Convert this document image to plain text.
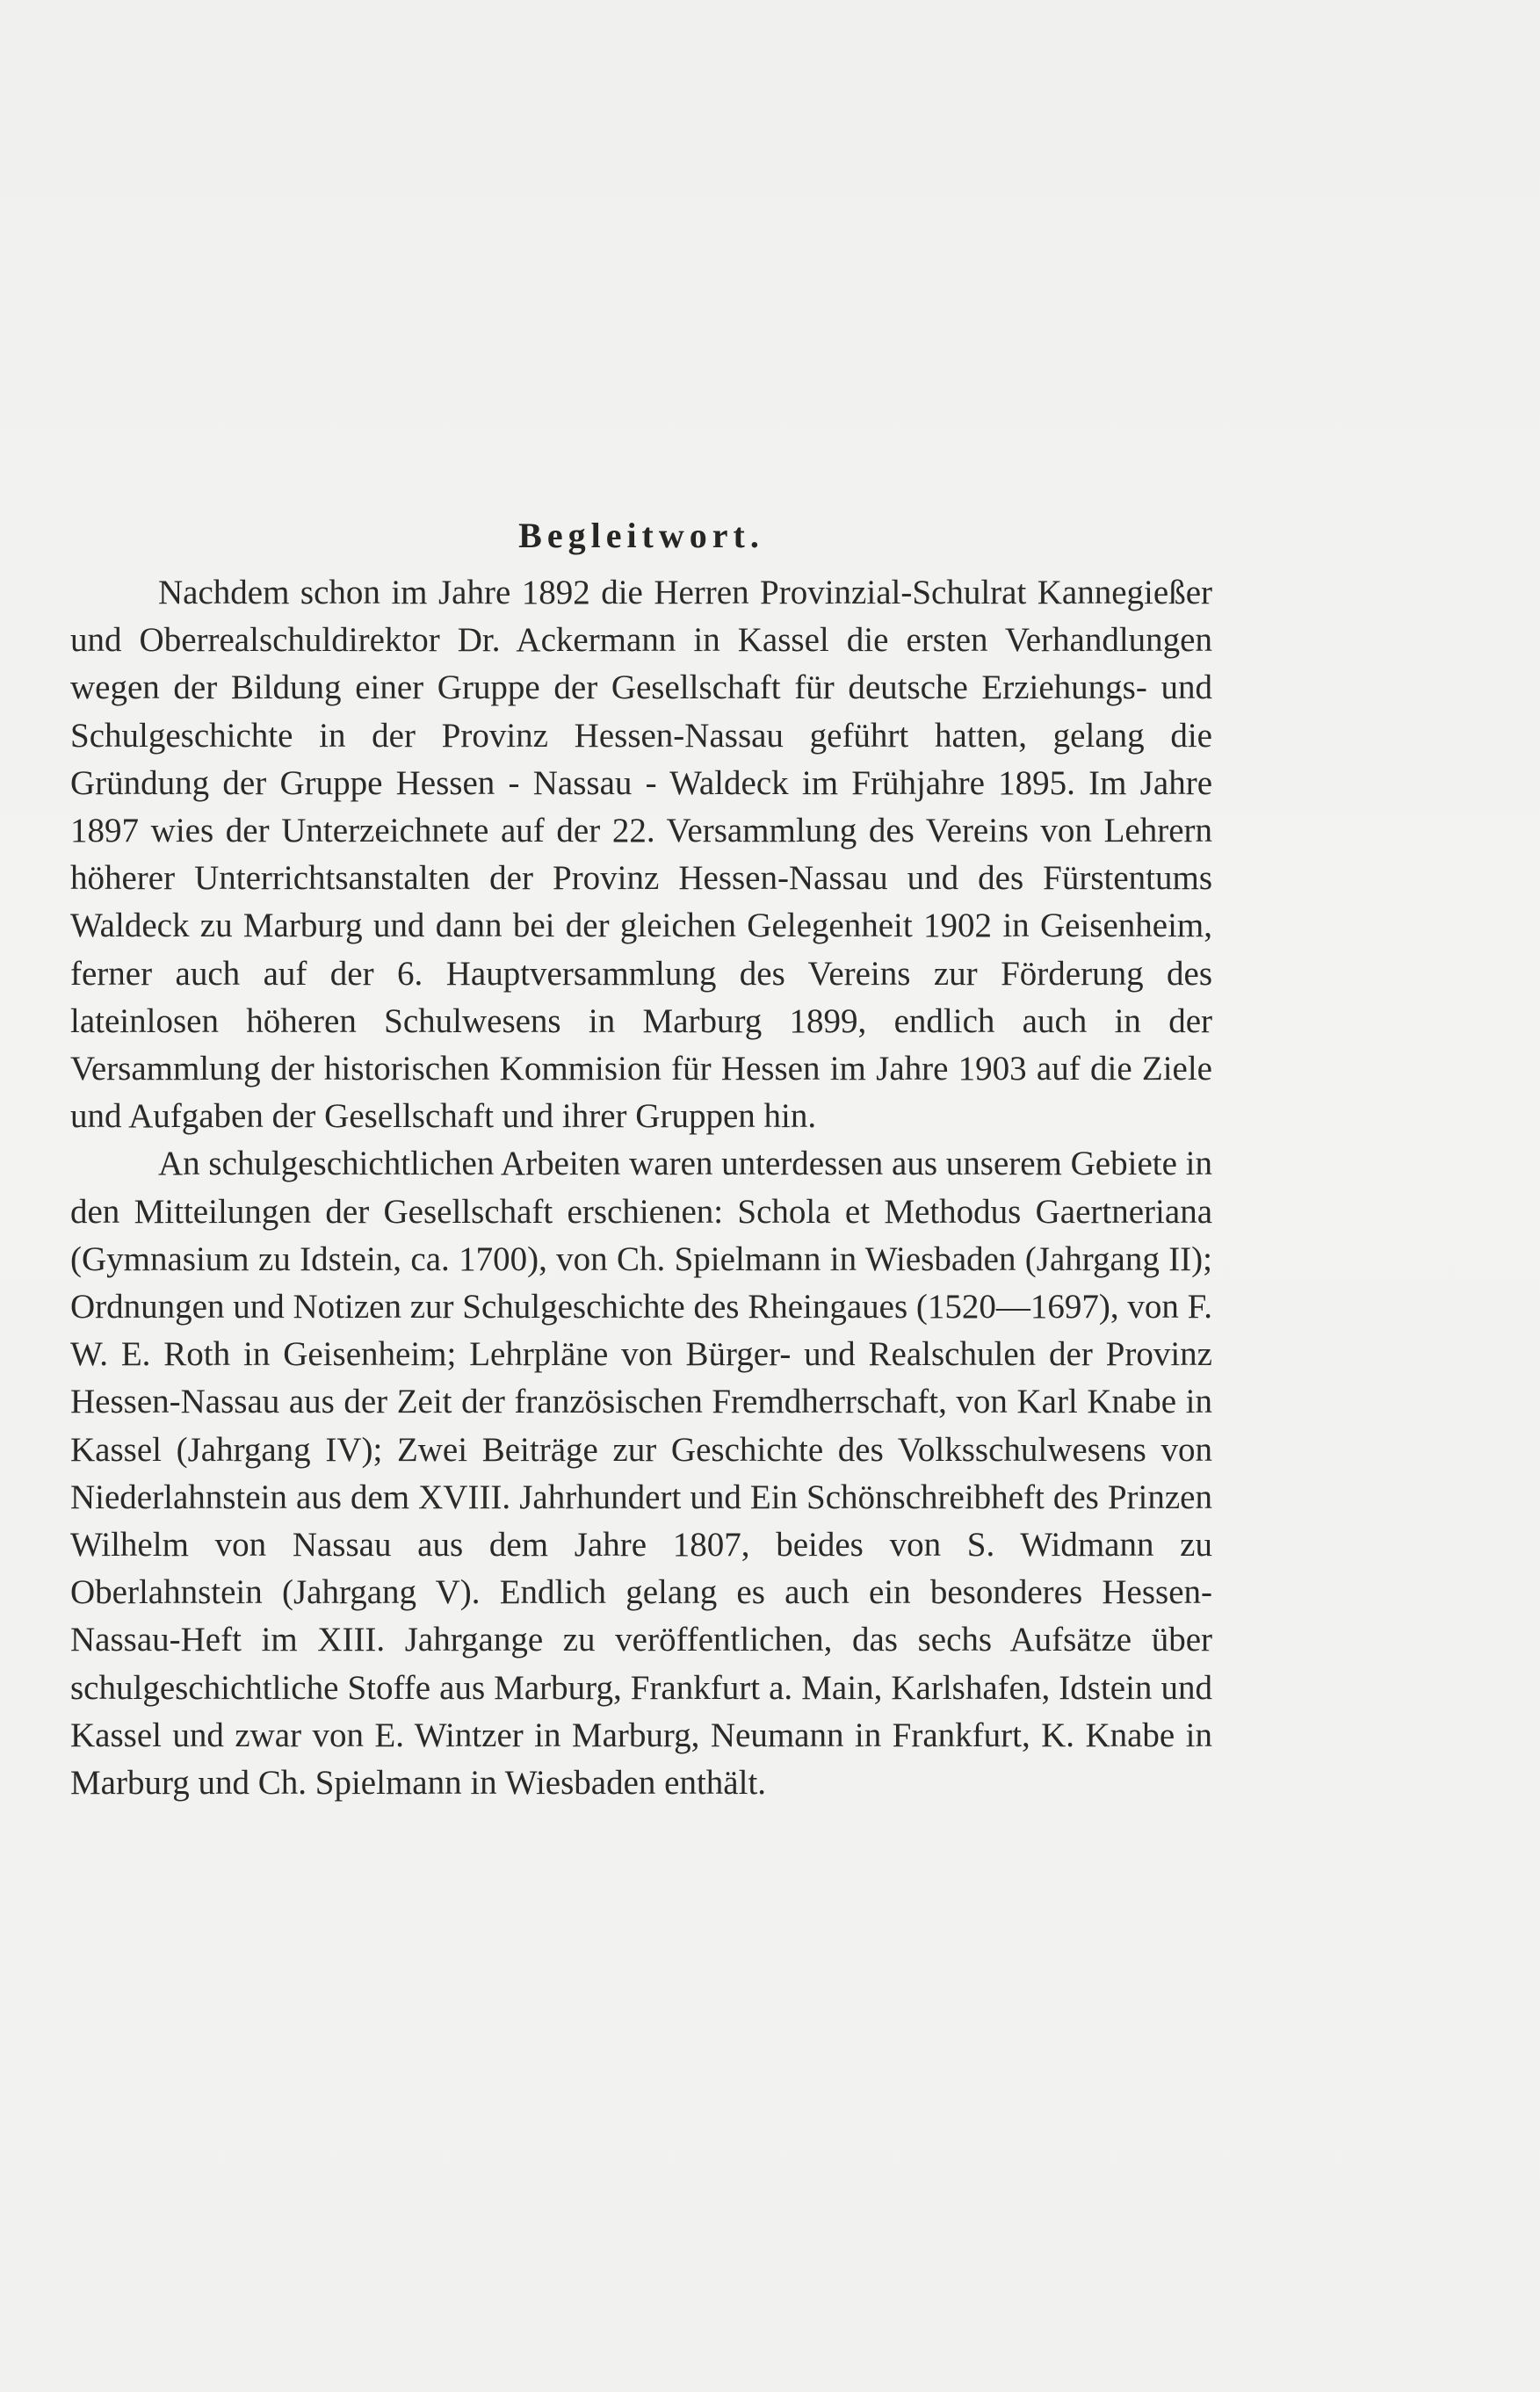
Begleitwort.

Nachdem schon im Jahre 1892 die Herren Provinzial-Schulrat Kannegießer und Oberrealschuldirektor Dr. Ackermann in Kassel die ersten Verhandlungen wegen der Bildung einer Gruppe der Gesellschaft für deutsche Erziehungs- und Schulgeschichte in der Provinz Hessen-Nassau geführt hatten, gelang die Gründung der Gruppe Hessen - Nassau - Waldeck im Frühjahre 1895. Im Jahre 1897 wies der Unterzeichnete auf der 22. Versammlung des Vereins von Lehrern höherer Unterrichtsanstalten der Provinz Hessen-Nassau und des Fürstentums Waldeck zu Marburg und dann bei der gleichen Gelegenheit 1902 in Geisenheim, ferner auch auf der 6. Hauptversammlung des Vereins zur Förderung des lateinlosen höheren Schulwesens in Marburg 1899, endlich auch in der Versammlung der historischen Kommision für Hessen im Jahre 1903 auf die Ziele und Aufgaben der Gesellschaft und ihrer Gruppen hin.

An schulgeschichtlichen Arbeiten waren unterdessen aus unserem Gebiete in den Mitteilungen der Gesellschaft erschienen: Schola et Methodus Gaertneriana (Gymnasium zu Idstein, ca. 1700), von Ch. Spielmann in Wiesbaden (Jahrgang II); Ordnungen und Notizen zur Schulgeschichte des Rheingaues (1520—1697), von F. W. E. Roth in Geisenheim; Lehrpläne von Bürger- und Realschulen der Provinz Hessen-Nassau aus der Zeit der französischen Fremdherrschaft, von Karl Knabe in Kassel (Jahrgang IV); Zwei Beiträge zur Geschichte des Volksschulwesens von Niederlahnstein aus dem XVIII. Jahrhundert und Ein Schönschreibheft des Prinzen Wilhelm von Nassau aus dem Jahre 1807, beides von S. Widmann zu Oberlahnstein (Jahrgang V). Endlich gelang es auch ein besonderes Hessen-Nassau-Heft im XIII. Jahrgange zu veröffentlichen, das sechs Aufsätze über schulgeschichtliche Stoffe aus Marburg, Frankfurt a. Main, Karlshafen, Idstein und Kassel und zwar von E. Wintzer in Marburg, Neumann in Frankfurt, K. Knabe in Marburg und Ch. Spielmann in Wiesbaden enthält.
